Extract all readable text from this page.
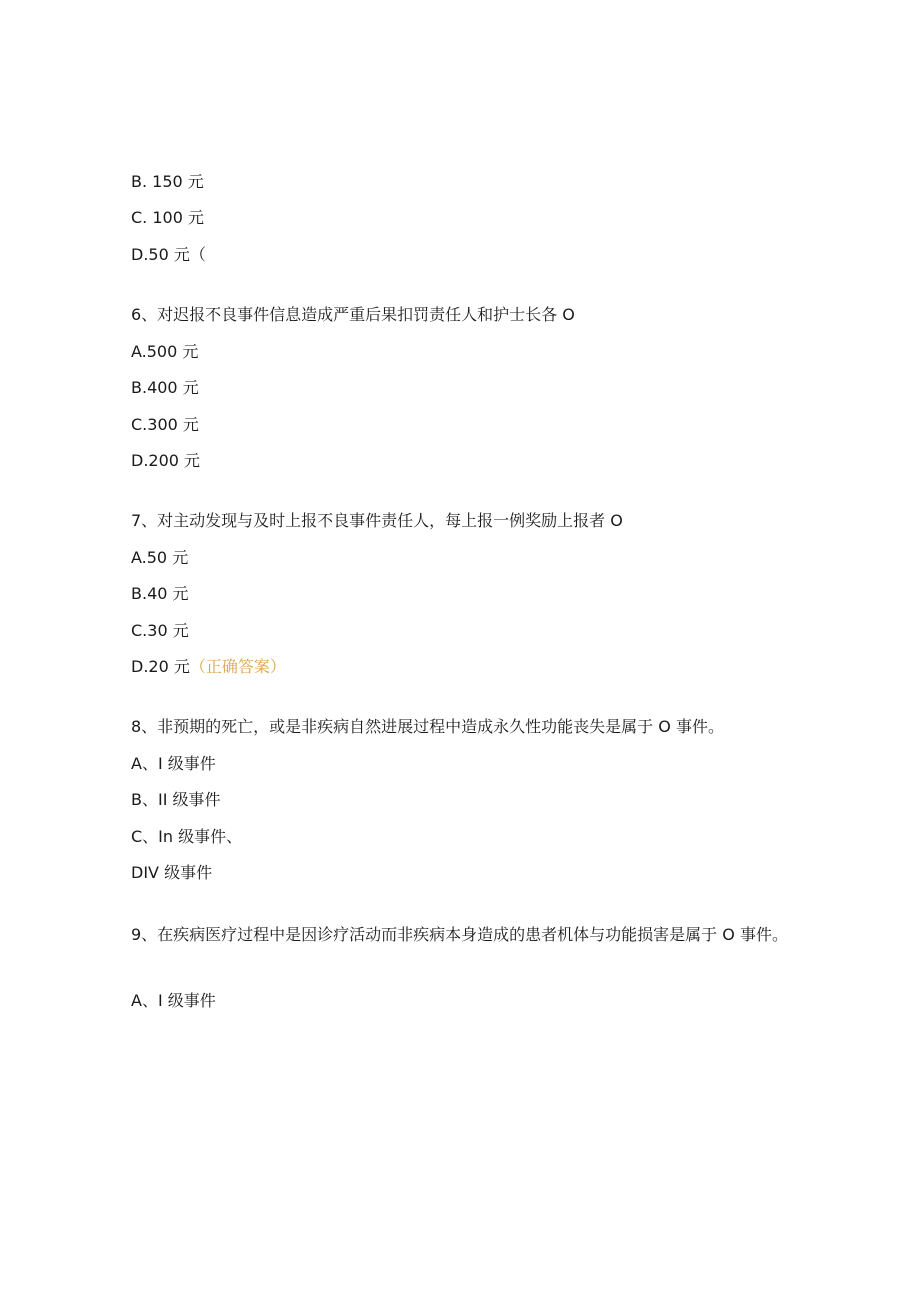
B. 150 元
C. 100 元
D.50 元（
6、对迟报不良事件信息造成严重后果扣罚责任人和护士长各 O
A.500 元
B.400 元
C.300 元
D.200 元
7、对主动发现与及时上报不良事件责任人，每上报一例奖励上报者 O
A.50 元
B.40 元
C.30 元
D.20 元（正确答案）
8、非预期的死亡，或是非疾病自然进展过程中造成永久性功能丧失是属于 O 事件。
A、I 级事件
B、II 级事件
C、In 级事件、
DIV 级事件
9、在疾病医疗过程中是因诊疗活动而非疾病本身造成的患者机体与功能损害是属于 O 事件。
A、I 级事件
